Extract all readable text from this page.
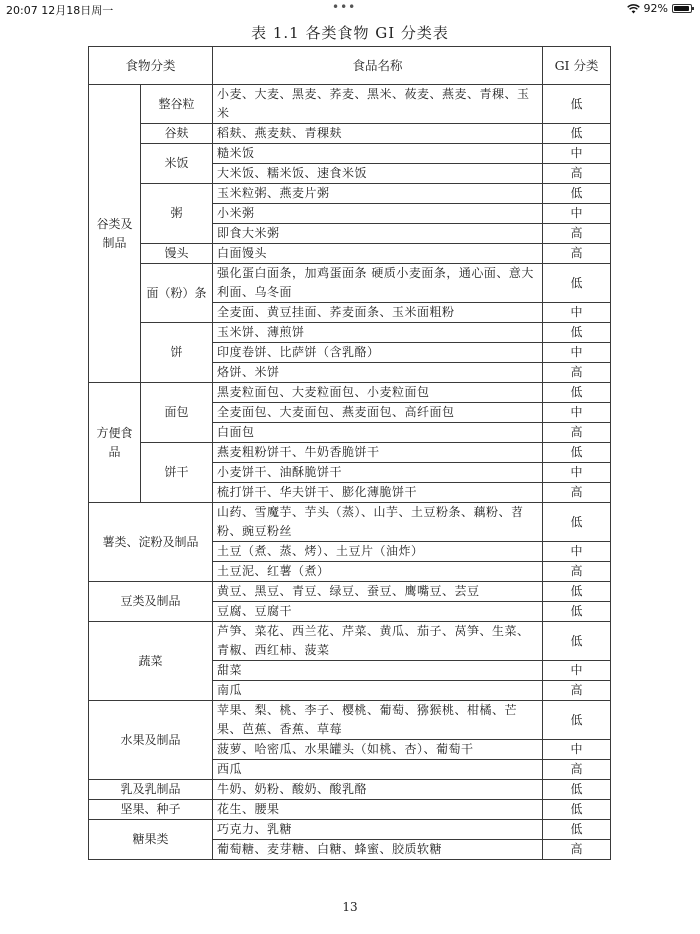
20:07 12月18日周一	•••	92%
表 1.1 各类食物 GI 分类表
食物分类		食品名称	GI 分类
谷类及制品	整谷粒	小麦、大麦、黑麦、荞麦、黑米、莜麦、燕麦、青稞、玉米	低
	谷麸	稻麸、燕麦麸、青稞麸	低
	米饭	糙米饭	中
		大米饭、糯米饭、速食米饭	高
	粥	玉米粒粥、燕麦片粥	低
		小米粥	中
		即食大米粥	高
	馒头	白面馒头	高
	面（粉）条	强化蛋白面条，加鸡蛋面条 硬质小麦面条，通心面、意大利面、乌冬面	低
		全麦面、黄豆挂面、荞麦面条、玉米面粗粉	中
	饼	玉米饼、薄煎饼	低
		印度卷饼、比萨饼（含乳酪）	中
		烙饼、米饼	高
方便食品	面包	黑麦粒面包、大麦粒面包、小麦粒面包	低
		全麦面包、大麦面包、燕麦面包、高纤面包	中
		白面包	高
	饼干	燕麦粗粉饼干、牛奶香脆饼干	低
		小麦饼干、油酥脆饼干	中
		梳打饼干、华夫饼干、膨化薄脆饼干	高
薯类、淀粉及制品		山药、雪魔芋、芋头（蒸）、山芋、土豆粉条、藕粉、苕粉、豌豆粉丝	低
		土豆（煮、蒸、烤）、土豆片（油炸）	中
		土豆泥、红薯（煮）	高
豆类及制品		黄豆、黑豆、青豆、绿豆、蚕豆、鹰嘴豆、芸豆	低
		豆腐、豆腐干	低
蔬菜		芦笋、菜花、西兰花、芹菜、黄瓜、茄子、莴笋、生菜、青椒、西红柿、菠菜	低
		甜菜	中
		南瓜	高
水果及制品		苹果、梨、桃、李子、樱桃、葡萄、猕猴桃、柑橘、芒果、芭蕉、香蕉、草莓	低
		菠萝、哈密瓜、水果罐头（如桃、杏）、葡萄干	中
		西瓜	高
乳及乳制品		牛奶、奶粉、酸奶、酸乳酪	低
坚果、种子		花生、腰果	低
糖果类		巧克力、乳糖	低
		葡萄糖、麦芽糖、白糖、蜂蜜、胶质软糖	高
13
